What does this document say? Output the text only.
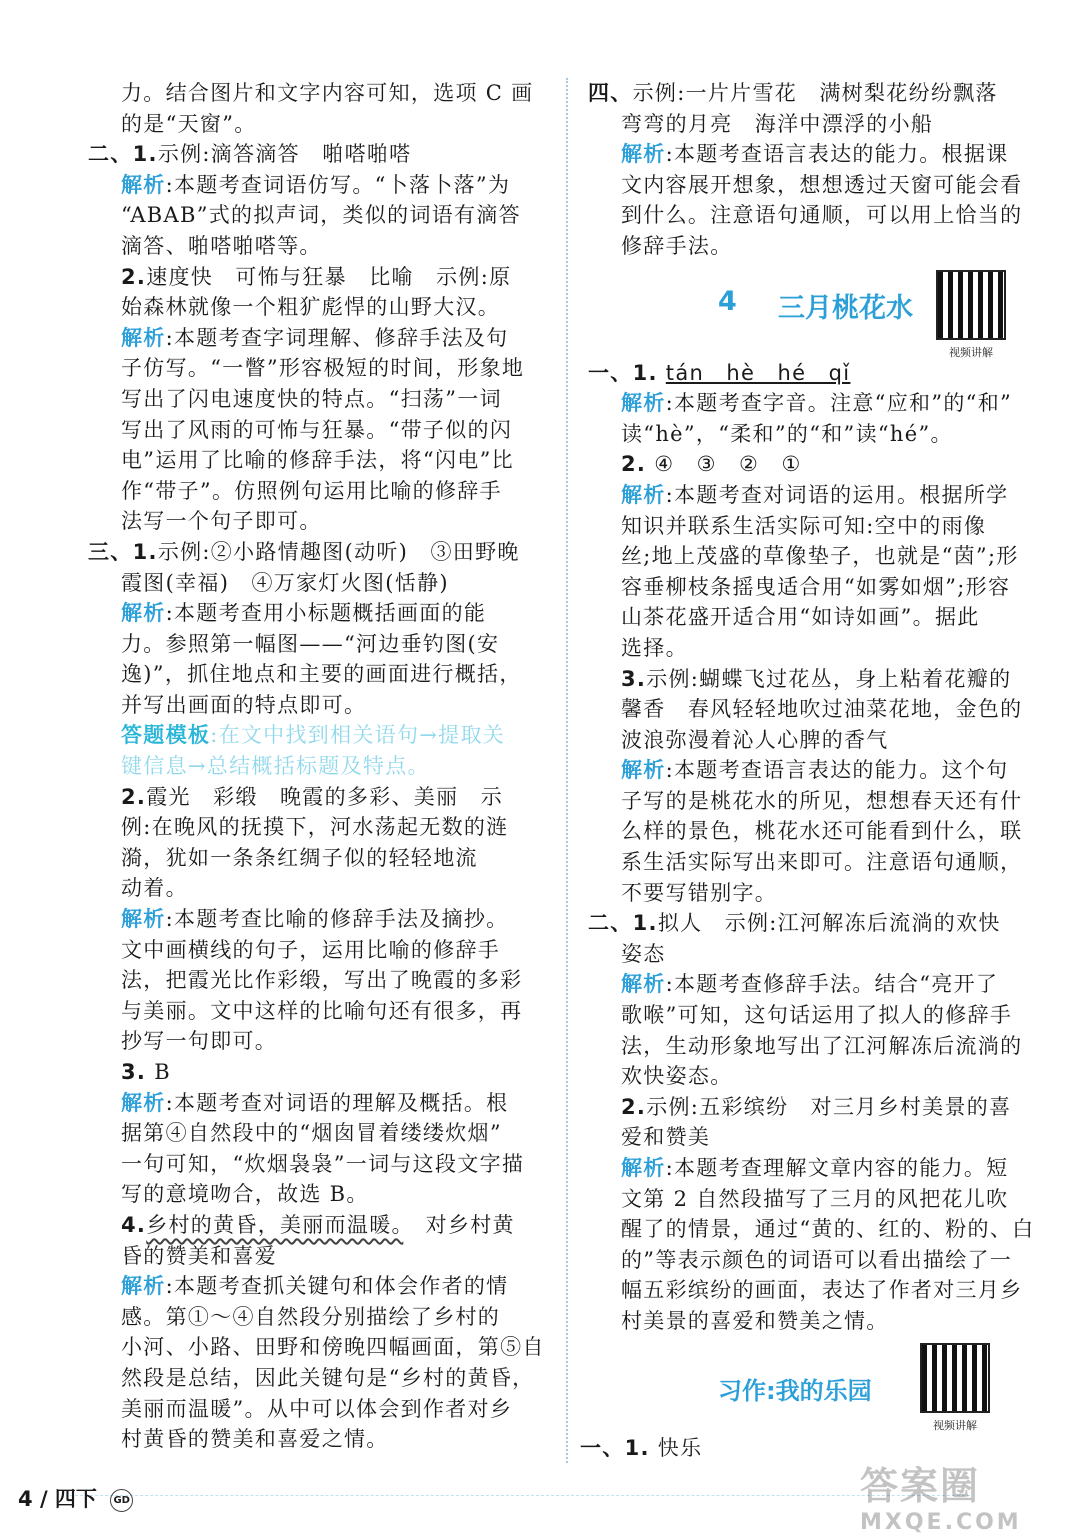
力。结合图片和文字内容可知，选项 C 画
的是“天窗”。
二、1.示例:滴答滴答　啪嗒啪嗒
解析:本题考查词语仿写。“卜落卜落”为
“ABAB”式的拟声词，类似的词语有滴答
滴答、啪嗒啪嗒等。
2.速度快　可怖与狂暴　比喻　示例:原
始森林就像一个粗犷彪悍的山野大汉。
解析:本题考查字词理解、修辞手法及句
子仿写。“一瞥”形容极短的时间，形象地
写出了闪电速度快的特点。“扫荡”一词
写出了风雨的可怖与狂暴。“带子似的闪
电”运用了比喻的修辞手法，将“闪电”比
作“带子”。仿照例句运用比喻的修辞手
法写一个句子即可。
三、1.示例:②小路情趣图(动听)　③田野晚
霞图(幸福)　④万家灯火图(恬静)
解析:本题考查用小标题概括画面的能
力。参照第一幅图——“河边垂钓图(安
逸)”，抓住地点和主要的画面进行概括，
并写出画面的特点即可。
答题模板:在文中找到相关语句→提取关
键信息→总结概括标题及特点。
2.霞光　彩缎　晚霞的多彩、美丽　示
例:在晚风的抚摸下，河水荡起无数的涟
漪，犹如一条条红绸子似的轻轻地流
动着。
解析:本题考查比喻的修辞手法及摘抄。
文中画横线的句子，运用比喻的修辞手
法，把霞光比作彩缎，写出了晚霞的多彩
与美丽。文中这样的比喻句还有很多，再
抄写一句即可。
3. B
解析:本题考查对词语的理解及概括。根
据第④自然段中的“烟囱冒着缕缕炊烟”
一句可知，“炊烟袅袅”一词与这段文字描
写的意境吻合，故选 B。
4.乡村的黄昏，美丽而温暖。　对乡村黄
昏的赞美和喜爱
解析:本题考查抓关键句和体会作者的情
感。第①～④自然段分别描绘了乡村的
小河、小路、田野和傍晚四幅画面，第⑤自
然段是总结，因此关键句是“乡村的黄昏，
美丽而温暖”。从中可以体会到作者对乡
村黄昏的赞美和喜爱之情。
四、示例:一片片雪花　满树梨花纷纷飘落
弯弯的月亮　海洋中漂浮的小船
解析:本题考查语言表达的能力。根据课
文内容展开想象，想想透过天窗可能会看
到什么。注意语句通顺，可以用上恰当的
修辞手法。
4 三月桃花水
视频讲解
一、1. tán　hè　hé　qǐ
解析:本题考查字音。注意“应和”的“和”
读“hè”，“柔和”的“和”读“hé”。
2. ④　③　②　①
解析:本题考查对词语的运用。根据所学
知识并联系生活实际可知:空中的雨像
丝;地上茂盛的草像垫子，也就是“茵”;形
容垂柳枝条摇曳适合用“如雾如烟”;形容
山茶花盛开适合用“如诗如画”。据此
选择。
3.示例:蝴蝶飞过花丛，身上粘着花瓣的
馨香　春风轻轻地吹过油菜花地，金色的
波浪弥漫着沁人心脾的香气
解析:本题考查语言表达的能力。这个句
子写的是桃花水的所见，想想春天还有什
么样的景色，桃花水还可能看到什么，联
系生活实际写出来即可。注意语句通顺，
不要写错别字。
二、1.拟人　示例:江河解冻后流淌的欢快
姿态
解析:本题考查修辞手法。结合“亮开了
歌喉”可知，这句话运用了拟人的修辞手
法，生动形象地写出了江河解冻后流淌的
欢快姿态。
2.示例:五彩缤纷　对三月乡村美景的喜
爱和赞美
解析:本题考查理解文章内容的能力。短
文第 2 自然段描写了三月的风把花儿吹
醒了的情景，通过“黄的、红的、粉的、白
的”等表示颜色的词语可以看出描绘了一
幅五彩缤纷的画面，表达了作者对三月乡
村美景的喜爱和赞美之情。
习作:我的乐园
视频讲解
一、1. 快乐
4 / 四下 GD	答案圈
MXQE.COM
